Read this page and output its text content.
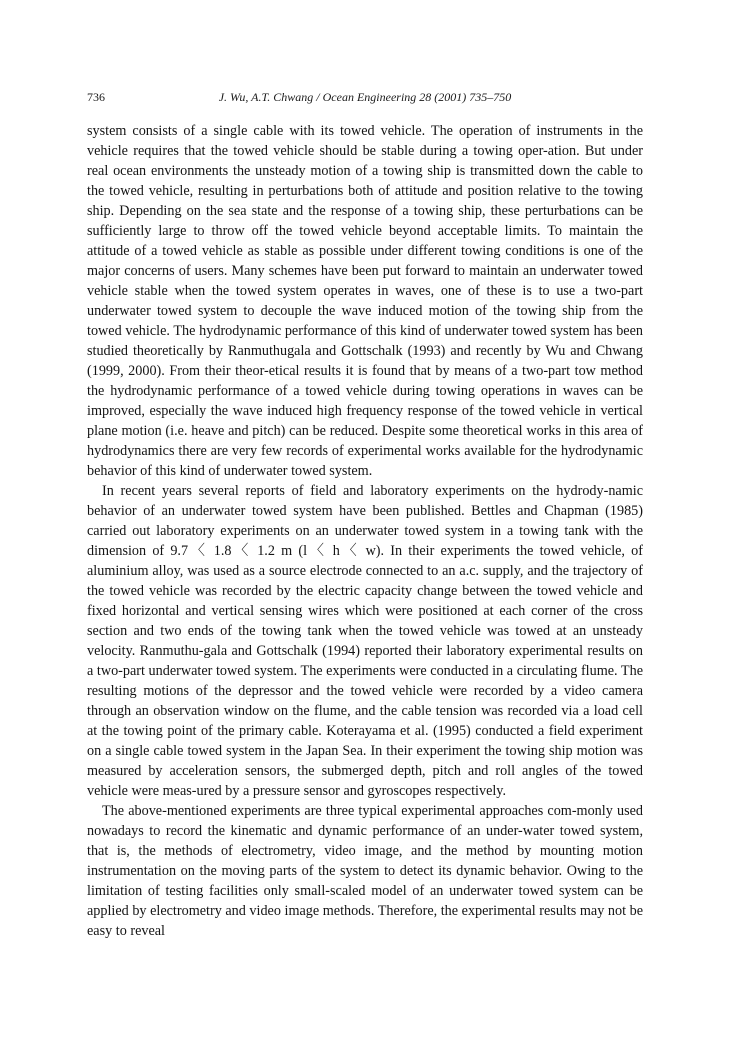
736	J. Wu, A.T. Chwang / Ocean Engineering 28 (2001) 735–750

system consists of a single cable with its towed vehicle. The operation of instruments in the vehicle requires that the towed vehicle should be stable during a towing oper-ation. But under real ocean environments the unsteady motion of a towing ship is transmitted down the cable to the towed vehicle, resulting in perturbations both of attitude and position relative to the towing ship. Depending on the sea state and the response of a towing ship, these perturbations can be sufficiently large to throw off the towed vehicle beyond acceptable limits. To maintain the attitude of a towed vehicle as stable as possible under different towing conditions is one of the major concerns of users. Many schemes have been put forward to maintain an underwater towed vehicle stable when the towed system operates in waves, one of these is to use a two-part underwater towed system to decouple the wave induced motion of the towing ship from the towed vehicle. The hydrodynamic performance of this kind of underwater towed system has been studied theoretically by Ranmuthugala and Gottschalk (1993) and recently by Wu and Chwang (1999, 2000). From their theor-etical results it is found that by means of a two-part tow method the hydrodynamic performance of a towed vehicle during towing operations in waves can be improved, especially the wave induced high frequency response of the towed vehicle in vertical plane motion (i.e. heave and pitch) can be reduced. Despite some theoretical works in this area of hydrodynamics there are very few records of experimental works available for the hydrodynamic behavior of this kind of underwater towed system.

In recent years several reports of field and laboratory experiments on the hydrody-namic behavior of an underwater towed system have been published. Bettles and Chapman (1985) carried out laboratory experiments on an underwater towed system in a towing tank with the dimension of 9.7〈 1.8〈 1.2 m (l〈 h〈 w). In their experiments the towed vehicle, of aluminium alloy, was used as a source electrode connected to an a.c. supply, and the trajectory of the towed vehicle was recorded by the electric capacity change between the towed vehicle and fixed horizontal and vertical sensing wires which were positioned at each corner of the cross section and two ends of the towing tank when the towed vehicle was towed at an unsteady velocity. Ranmuthu-gala and Gottschalk (1994) reported their laboratory experimental results on a two-part underwater towed system. The experiments were conducted in a circulating flume. The resulting motions of the depressor and the towed vehicle were recorded by a video camera through an observation window on the flume, and the cable tension was recorded via a load cell at the towing point of the primary cable. Koterayama et al. (1995) conducted a field experiment on a single cable towed system in the Japan Sea. In their experiment the towing ship motion was measured by acceleration sensors, the submerged depth, pitch and roll angles of the towed vehicle were meas-ured by a pressure sensor and gyroscopes respectively.

The above-mentioned experiments are three typical experimental approaches com-monly used nowadays to record the kinematic and dynamic performance of an under-water towed system, that is, the methods of electrometry, video image, and the method by mounting motion instrumentation on the moving parts of the system to detect its dynamic behavior. Owing to the limitation of testing facilities only small-scaled model of an underwater towed system can be applied by electrometry and video image methods. Therefore, the experimental results may not be easy to reveal
